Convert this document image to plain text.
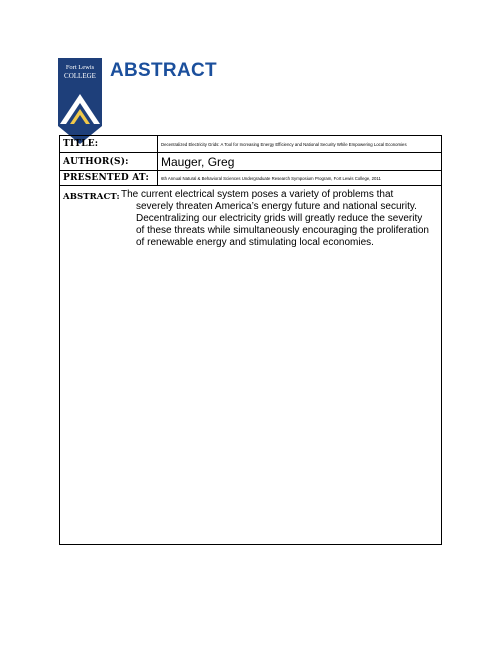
Fort Lewis
COLLEGE ABSTRACT
TITLE:	Decentralized Electricity Grids: A Tool for Increasing Energy Efficiency and National Security While Empowering Local Economies
AUTHOR(S):	Mauger, Greg
PRESENTED AT:	6th Annual Natural & Behavioral Sciences Undergraduate Research Symposium Program, Fort Lewis College, 2011
ABSTRACT: The current electrical system poses a variety of problems that severely threaten America’s energy future and national security. Decentralizing our electricity grids will greatly reduce the severity of these threats while simultaneously encouraging the proliferation of renewable energy and stimulating local economies.
